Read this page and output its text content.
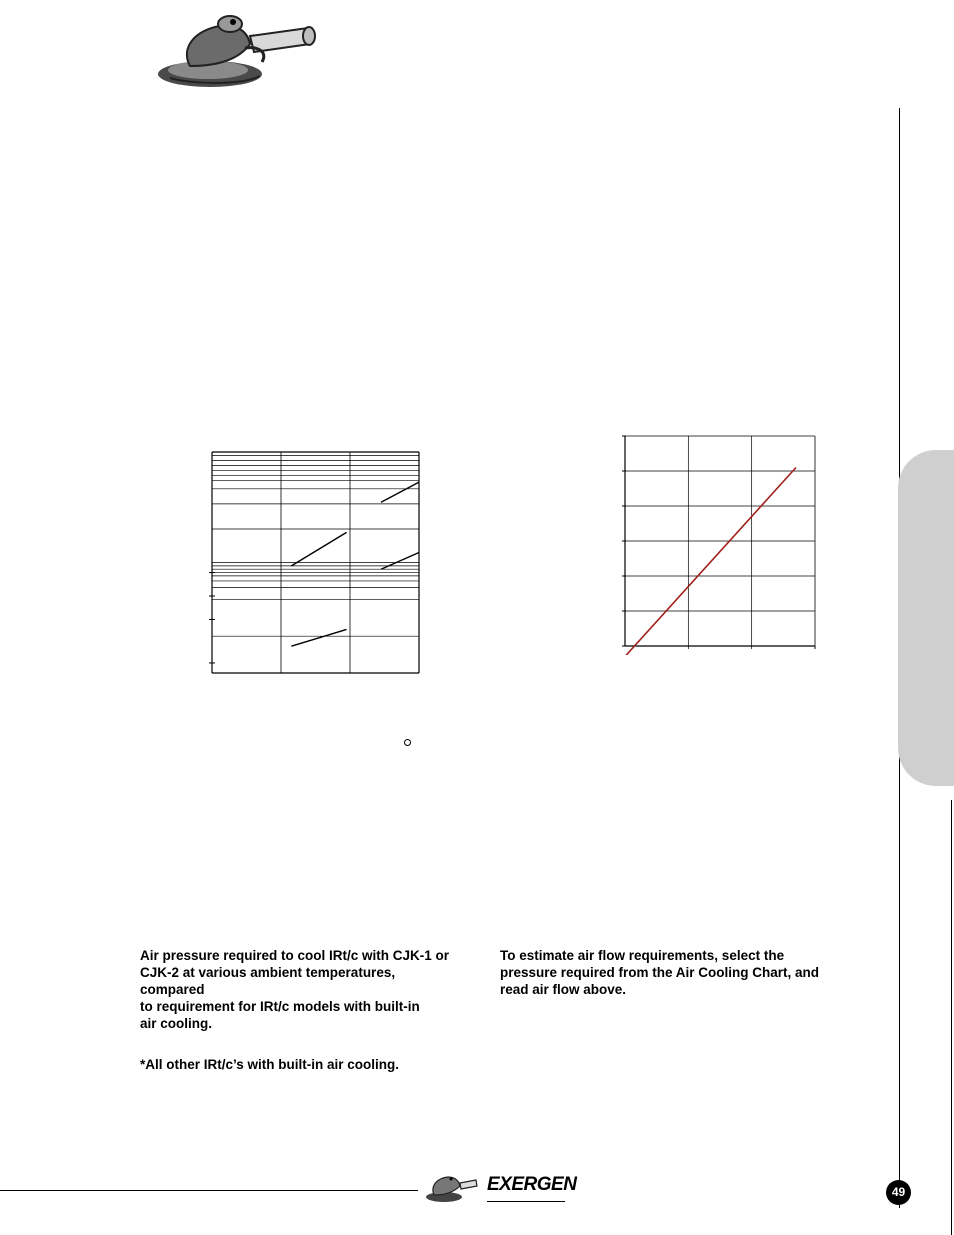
Air pressure required to cool IRt/c with CJK-1 or
CJK-2 at various ambient temperatures,
compared
to requirement for IRt/c models with built-in
air cooling.
To estimate air flow requirements, select the pressure required from the Air Cooling Chart, and read air flow above.
*All other IRt/c’s with built-in air cooling.
EXERGEN	49
